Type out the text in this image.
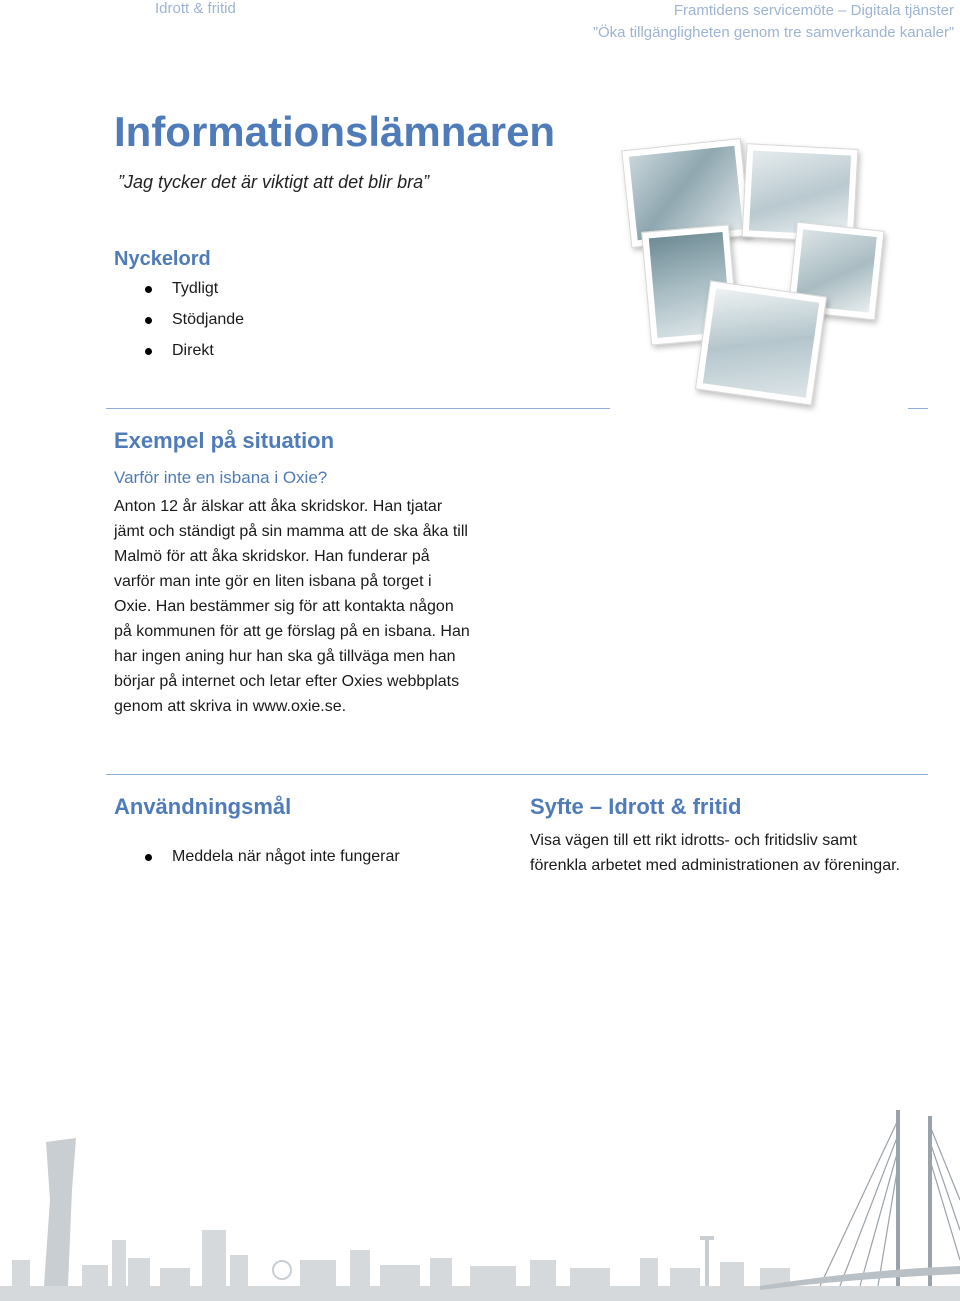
Idrott & fritid	Framtidens servicemöte – Digitala tjänster
”Öka tillgängligheten genom tre samverkande kanaler”
Informationslämnaren
”Jag tycker det är viktigt att det blir bra”
Nyckelord
Tydligt
Stödjande
Direkt
Exempel på situation
Varför inte en isbana i Oxie?
Anton 12 år älskar att åka skridskor. Han tjatar
jämt och ständigt på sin mamma att de ska åka till
Malmö för att åka skridskor. Han funderar på
varför man inte gör en liten isbana på torget i
Oxie. Han bestämmer sig för att kontakta någon
på kommunen för att ge förslag på en isbana. Han
har ingen aning hur han ska gå tillväga men han
börjar på internet och letar efter Oxies webbplats
genom att skriva in www.oxie.se.
Användningsmål
Meddela när något inte fungerar
Syfte – Idrott & fritid
Visa vägen till ett rikt idrotts- och fritidsliv samt
förenkla arbetet med administrationen av föreningar.
